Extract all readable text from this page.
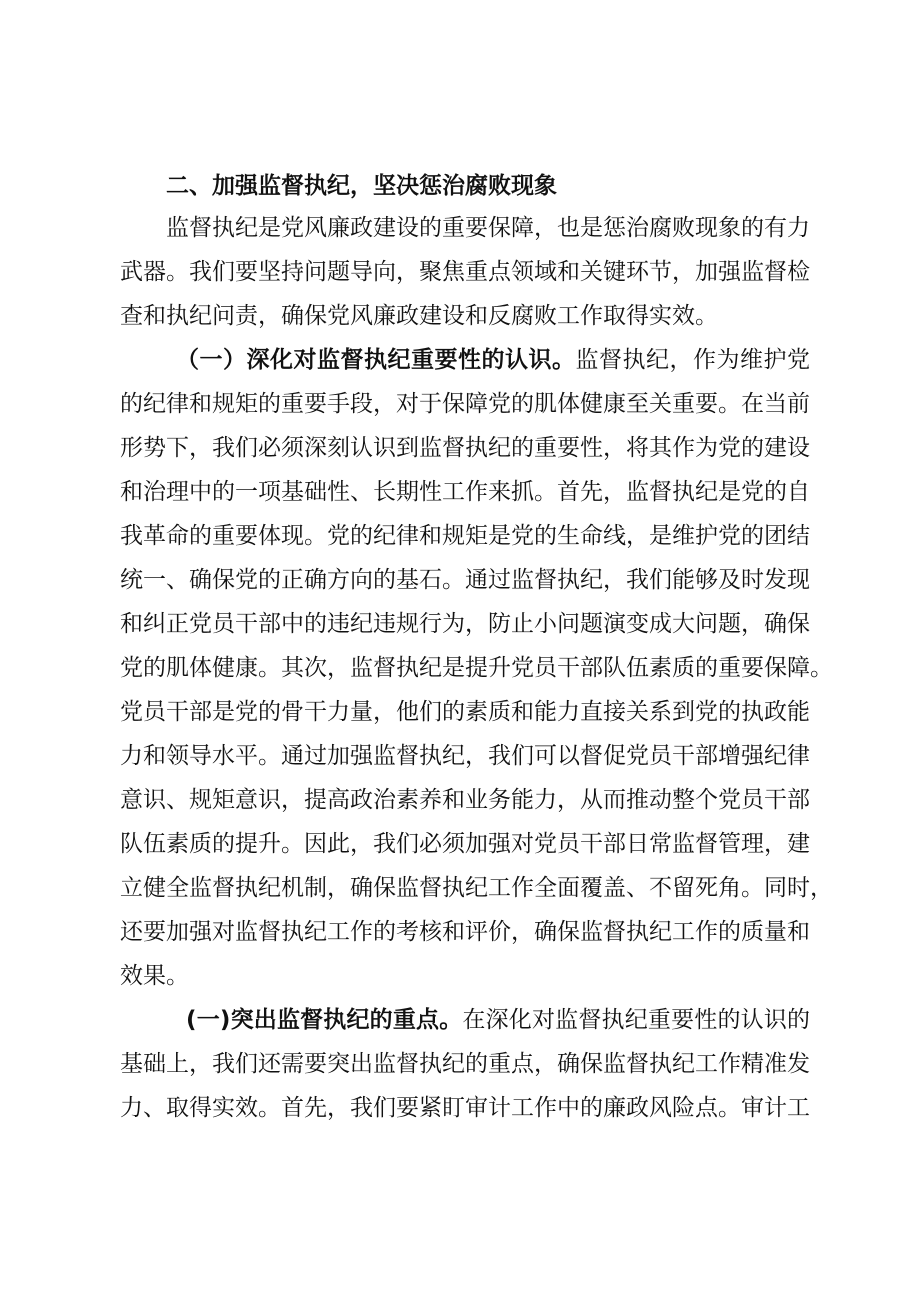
二、加强监督执纪，坚决惩治腐败现象
监督执纪是党风廉政建设的重要保障，也是惩治腐败现象的有力
武器。我们要坚持问题导向，聚焦重点领域和关键环节，加强监督检
查和执纪问责，确保党风廉政建设和反腐败工作取得实效。
（一）深化对监督执纪重要性的认识。监督执纪，作为维护党
的纪律和规矩的重要手段，对于保障党的肌体健康至关重要。在当前
形势下，我们必须深刻认识到监督执纪的重要性，将其作为党的建设
和治理中的一项基础性、长期性工作来抓。首先，监督执纪是党的自
我革命的重要体现。党的纪律和规矩是党的生命线，是维护党的团结
统一、确保党的正确方向的基石。通过监督执纪，我们能够及时发现
和纠正党员干部中的违纪违规行为，防止小问题演变成大问题，确保
党的肌体健康。其次，监督执纪是提升党员干部队伍素质的重要保障。
党员干部是党的骨干力量，他们的素质和能力直接关系到党的执政能
力和领导水平。通过加强监督执纪，我们可以督促党员干部增强纪律
意识、规矩意识，提高政治素养和业务能力，从而推动整个党员干部
队伍素质的提升。因此，我们必须加强对党员干部日常监督管理，建
立健全监督执纪机制，确保监督执纪工作全面覆盖、不留死角。同时，
还要加强对监督执纪工作的考核和评价，确保监督执纪工作的质量和
效果。
(一)突出监督执纪的重点。在深化对监督执纪重要性的认识的
基础上，我们还需要突出监督执纪的重点，确保监督执纪工作精准发
力、取得实效。首先，我们要紧盯审计工作中的廉政风险点。审计工
